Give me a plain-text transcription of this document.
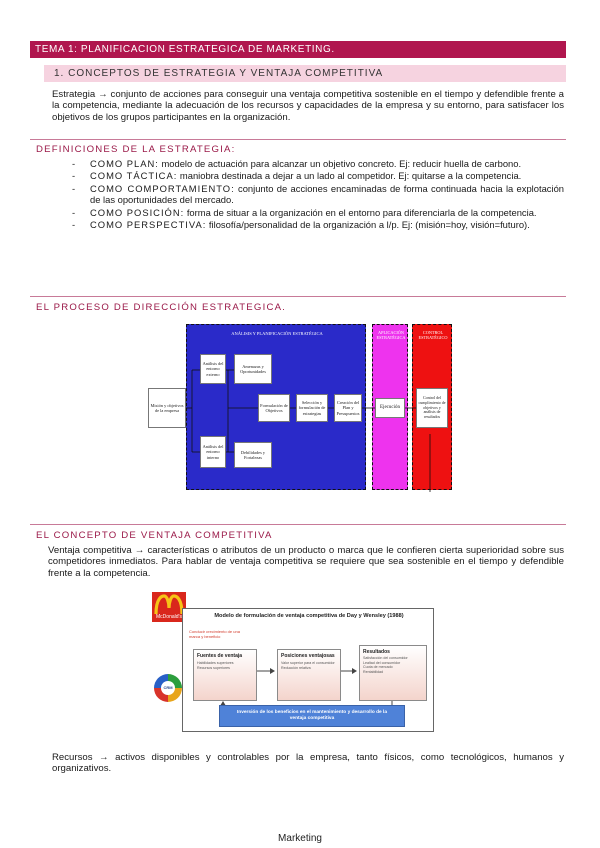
TEMA 1: PLANIFICACION ESTRATEGICA DE MARKETING.
1. CONCEPTOS DE ESTRATEGIA Y VENTAJA COMPETITIVA
Estrategia → conjunto de acciones para conseguir una ventaja competitiva sostenible en el tiempo y defendible frente a la competencia, mediante la adecuación de los recursos y capacidades de la empresa y su entorno, para satisfacer los objetivos de los grupos participantes en la organización.
DEFINICIONES DE LA ESTRATEGIA:
- COMO PLAN: modelo de actuación para alcanzar un objetivo concreto. Ej: reducir huella de carbono.
- COMO TÁCTICA: maniobra destinada a dejar a un lado al competidor. Ej: quitarse a la competencia.
- COMO COMPORTAMIENTO: conjunto de acciones encaminadas de forma continuada hacia la explotación de las oportunidades del mercado.
- COMO POSICIÓN: forma de situar a la organización en el entorno para diferenciarla de la competencia.
- COMO PERSPECTIVA: filosofía/personalidad de la organización a l/p. Ej: (misión=hoy, visión=futuro).
EL PROCESO DE DIRECCIÓN ESTRATEGICA.
ANÁLISIS Y PLANIFICACIÓN ESTRATÉGICA	APLICACIÓN ESTRATÉGICA
CONTROL ESTRATÉGICO
Misión y objetivos de la empresa
Análisis del entorno externo
Amenazas y Oportunidades
Análisis del entorno interno
Debilidades y Fortalezas
Formulación de Objetivos
Selección y formulación de estrategias
Creación del Plan y Presupuestos
Ejecución
Control del cumplimiento de objetivos y análisis de resultados
EL CONCEPTO DE VENTAJA COMPETITIVA
Ventaja competitiva → características o atributos de un producto o marca que le confieren cierta superioridad sobre sus competidores inmediatos. Para hablar de ventaja competitiva se requiere que sea sostenible en el tiempo y defendible frente a la competencia.
McDonald's
CRM
Modelo de formulación de ventaja competitiva de Day y Wensley (1988)
Conducir crecimiento de una marca y beneficio
Fuentes de ventaja
Habilidades superiores
Recursos superiores
Posiciones ventajosas
Valor superior para el consumidor
Reducción relativa
Resultados
Satisfacción del consumidor
Lealtad del consumidor
Cuota de mercado
Rentabilidad
Inversión de los beneficios en el mantenimiento y desarrollo de la ventaja competitiva
Recursos → activos disponibles y controlables por la empresa, tanto físicos, como tecnológicos, humanos y organizativos.
Marketing
